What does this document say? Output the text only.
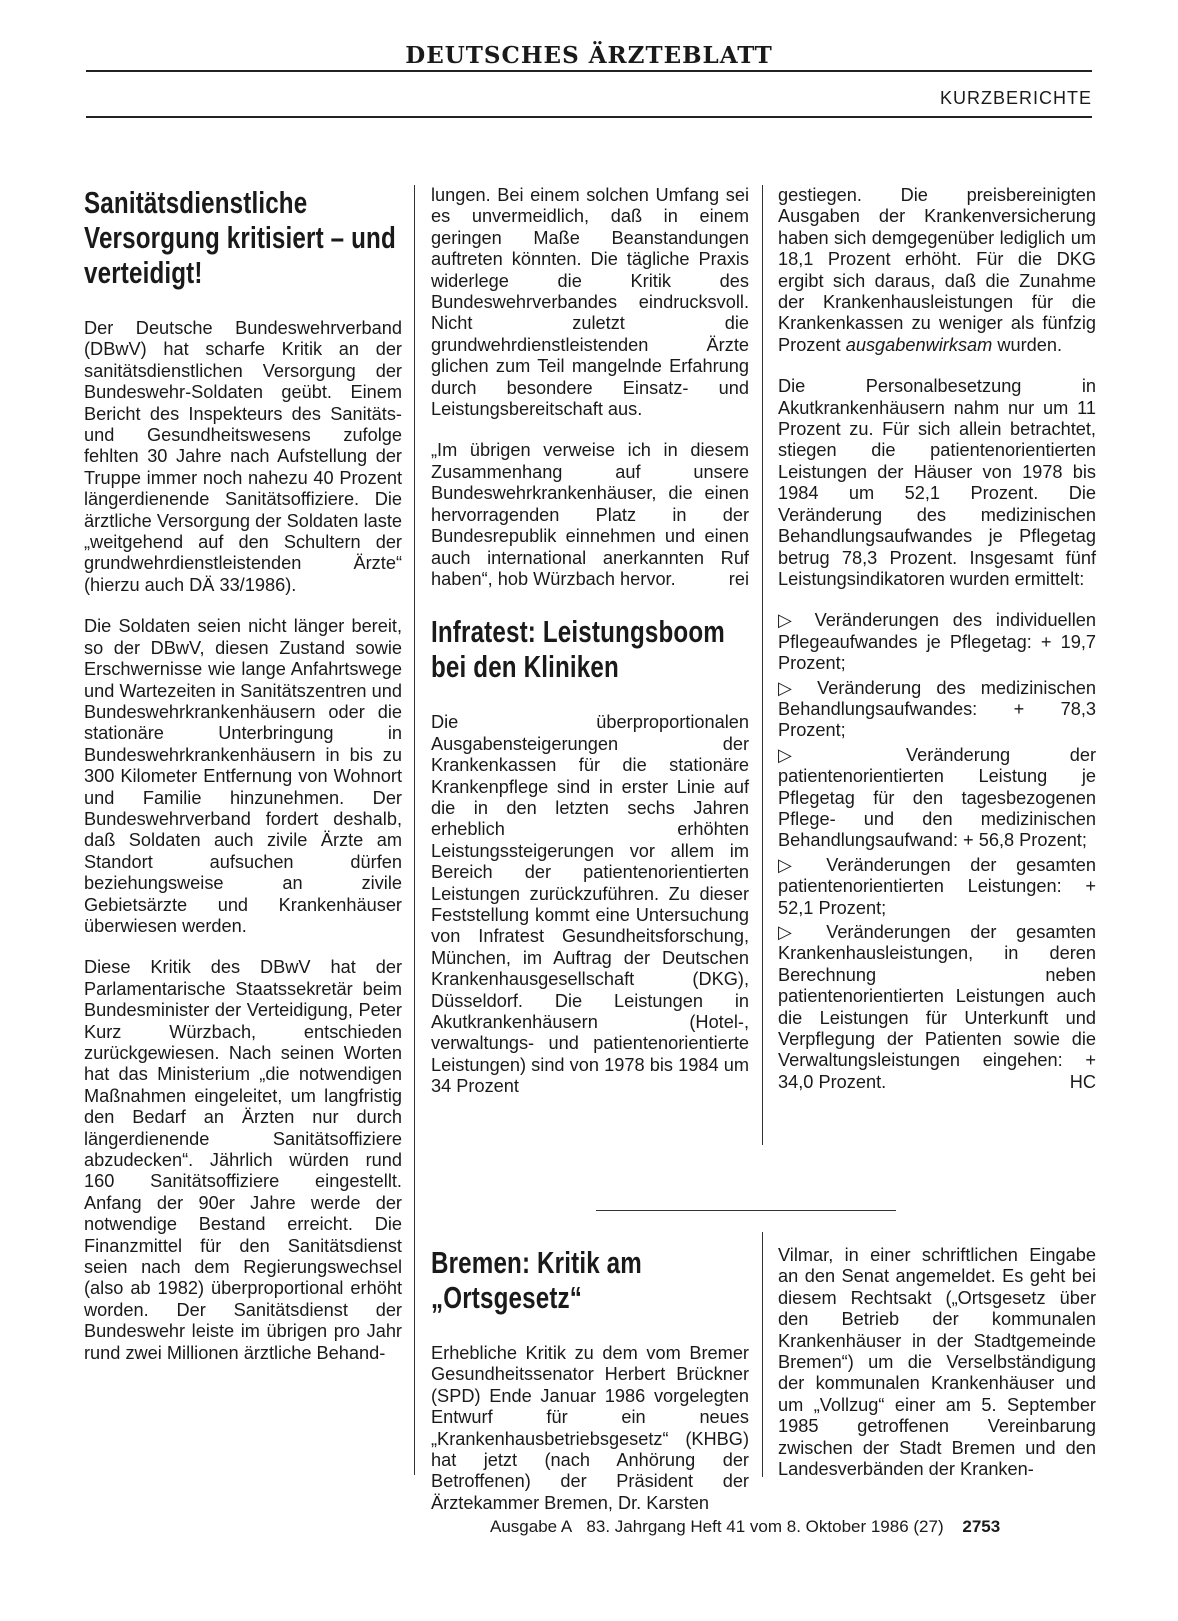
DEUTSCHES ÄRZTEBLATT
KURZBERICHTE
Sanitätsdienstliche Versorgung kritisiert – und verteidigt!

Der Deutsche Bundeswehrverband (DBwV) hat scharfe Kritik an der sanitätsdienstlichen Versorgung der Bundeswehr-Soldaten geübt. Einem Bericht des Inspekteurs des Sanitäts- und Gesundheitswesens zufolge fehlten 30 Jahre nach Aufstellung der Truppe immer noch nahezu 40 Prozent längerdienende Sanitätsoffiziere. Die ärztliche Versorgung der Soldaten laste „weitgehend auf den Schultern der grundwehrdienstleistenden Ärzte“ (hierzu auch DÄ 33/1986).

Die Soldaten seien nicht länger bereit, so der DBwV, diesen Zustand sowie Erschwernisse wie lange Anfahrtswege und Wartezeiten in Sanitätszentren und Bundeswehrkrankenhäusern oder die stationäre Unterbringung in Bundeswehrkrankenhäusern in bis zu 300 Kilometer Entfernung von Wohnort und Familie hinzunehmen. Der Bundeswehrverband fordert deshalb, daß Soldaten auch zivile Ärzte am Standort aufsuchen dürfen beziehungsweise an zivile Gebietsärzte und Krankenhäuser überwiesen werden.

Diese Kritik des DBwV hat der Parlamentarische Staatssekretär beim Bundesminister der Verteidigung, Peter Kurz Würzbach, entschieden zurückgewiesen. Nach seinen Worten hat das Ministerium „die notwendigen Maßnahmen eingeleitet, um langfristig den Bedarf an Ärzten nur durch längerdienende Sanitätsoffiziere abzudecken“. Jährlich würden rund 160 Sanitätsoffiziere eingestellt. Anfang der 90er Jahre werde der notwendige Bestand erreicht. Die Finanzmittel für den Sanitätsdienst seien nach dem Regierungswechsel (also ab 1982) überproportional erhöht worden. Der Sanitätsdienst der Bundeswehr leiste im übrigen pro Jahr rund zwei Millionen ärztliche Behand-

lungen. Bei einem solchen Umfang sei es unvermeidlich, daß in einem geringen Maße Beanstandungen auftreten könnten. Die tägliche Praxis widerlege die Kritik des Bundeswehrverbandes eindrucksvoll. Nicht zuletzt die grundwehrdienstleistenden Ärzte glichen zum Teil mangelnde Erfahrung durch besondere Einsatz- und Leistungsbereitschaft aus.

„Im übrigen verweise ich in diesem Zusammenhang auf unsere Bundeswehrkrankenhäuser, die einen hervorragenden Platz in der Bundesrepublik einnehmen und einen auch international anerkannten Ruf haben“, hob Würzbach hervor.	rei

Infratest: Leistungsboom bei den Kliniken

Die überproportionalen Ausgabensteigerungen der Krankenkassen für die stationäre Krankenpflege sind in erster Linie auf die in den letzten sechs Jahren erheblich erhöhten Leistungssteigerungen vor allem im Bereich der patientenorientierten Leistungen zurückzuführen. Zu dieser Feststellung kommt eine Untersuchung von Infratest Gesundheitsforschung, München, im Auftrag der Deutschen Krankenhausgesellschaft (DKG), Düsseldorf. Die Leistungen in Akutkrankenhäusern (Hotel-, verwaltungs- und patientenorientierte Leistungen) sind von 1978 bis 1984 um 34 Prozent

gestiegen. Die preisbereinigten Ausgaben der Krankenversicherung haben sich demgegenüber lediglich um 18,1 Prozent erhöht. Für die DKG ergibt sich daraus, daß die Zunahme der Krankenhausleistungen für die Krankenkassen zu weniger als fünfzig Prozent ausgabenwirksam wurden.

Die Personalbesetzung in Akutkrankenhäusern nahm nur um 11 Prozent zu. Für sich allein betrachtet, stiegen die patientenorientierten Leistungen der Häuser von 1978 bis 1984 um 52,1 Prozent. Die Veränderung des medizinischen Behandlungsaufwandes je Pflegetag betrug 78,3 Prozent. Insgesamt fünf Leistungsindikatoren wurden ermittelt:

▷ Veränderungen des individuellen Pflegeaufwandes je Pflegetag: + 19,7 Prozent;

▷ Veränderung des medizinischen Behandlungsaufwandes: + 78,3 Prozent;

▷	Veränderung der patientenorientierten Leistung je Pflegetag für den tagesbezogenen Pflege- und den medizinischen Behandlungsaufwand: + 56,8 Prozent;

▷ Veränderungen der gesamten patientenorientierten Leistungen: + 52,1 Prozent;

▷ Veränderungen der gesamten Krankenhausleistungen, in deren Berechnung neben patientenorientierten Leistungen auch die Leistungen für Unterkunft und Verpflegung der Patienten sowie die Verwaltungsleistungen eingehen: + 34,0 Prozent.	HC

Bremen: Kritik am „Ortsgesetz“

Erhebliche Kritik zu dem vom Bremer Gesundheitssenator Herbert Brückner (SPD) Ende Januar 1986 vorgelegten Entwurf für ein neues „Krankenhausbetriebsgesetz“ (KHBG) hat jetzt (nach Anhörung der Betroffenen) der Präsident der Ärztekammer Bremen, Dr. Karsten

Vilmar, in einer schriftlichen Eingabe an den Senat angemeldet. Es geht bei diesem Rechtsakt („Ortsgesetz über den Betrieb der kommunalen Krankenhäuser in der Stadtgemeinde Bremen“) um die Verselbständigung der kommunalen Krankenhäuser und um „Vollzug“ einer am 5. September 1985 getroffenen Vereinbarung zwischen der Stadt Bremen und den Landesverbänden der Kranken-

Ausgabe A 83. Jahrgang Heft 41 vom 8. Oktober 1986 (27) 2753
